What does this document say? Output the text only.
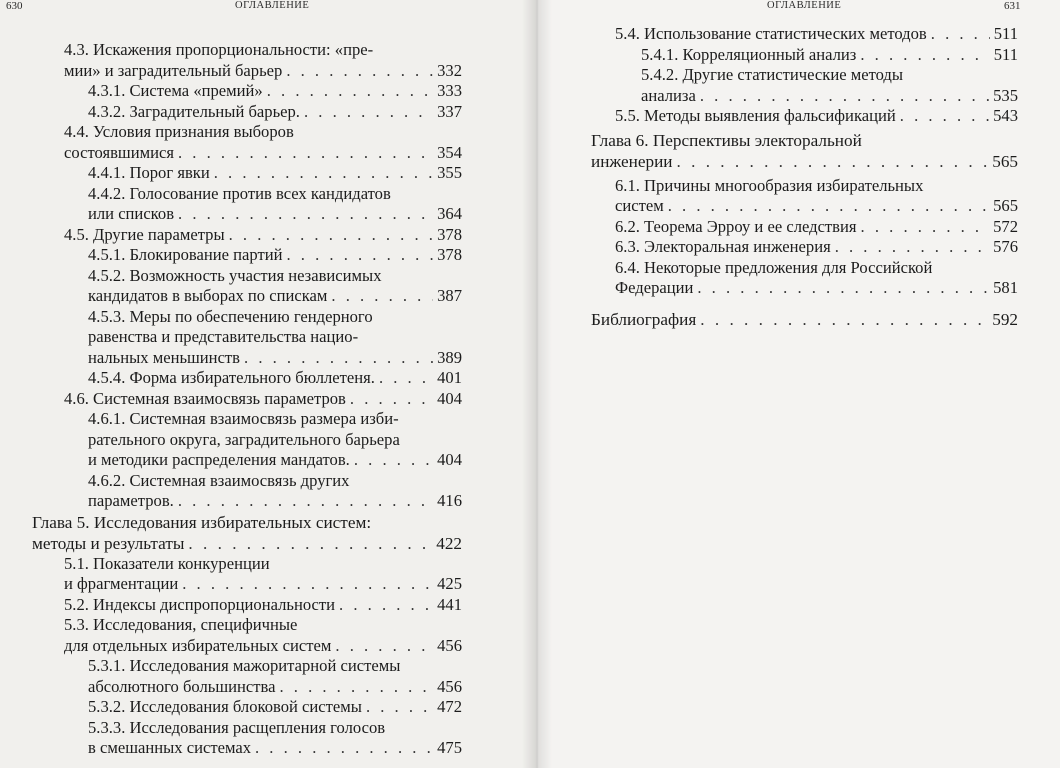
630	ОГЛАВЛЕНИЕ
4.3. Искажения пропорциональности: «пре-
мии» и заградительный барьер . . .	332
4.3.1. Система «премий» . . .	333
4.3.2. Заградительный барьер. . . .	337
4.4. Условия признания выборов
состоявшимися . . .	354
4.4.1. Порог явки . . .	355
4.4.2. Голосование против всех кандидатов
или списков . . .	364
4.5. Другие параметры . . .	378
4.5.1. Блокирование партий . . .	378
4.5.2. Возможность участия независимых
кандидатов в выборах по спискам . . .	387
4.5.3. Меры по обеспечению гендерного
равенства и представительства нацио-
нальных меньшинств . . .	389
4.5.4. Форма избирательного бюллетеня. . . .	401
4.6. Системная взаимосвязь параметров . . .	404
4.6.1. Системная взаимосвязь размера изби-
рательного округа, заградительного барьера
и методики распределения мандатов. . . .	404
4.6.2. Системная взаимосвязь других
параметров. . . .	416
Глава 5. Исследования избирательных систем:
методы и результаты . . .	422
5.1. Показатели конкуренции
и фрагментации . . .	425
5.2. Индексы диспропорциональности . . .	441
5.3. Исследования, специфичные
для отдельных избирательных систем . . .	456
5.3.1. Исследования мажоритарной системы
абсолютного большинства . . .	456
5.3.2. Исследования блоковой системы . . .	472
5.3.3. Исследования расщепления голосов
в смешанных системах . . .	475
ОГЛАВЛЕНИЕ	631
5.4. Использование статистических методов . . .	511
5.4.1. Корреляционный анализ . . .	511
5.4.2. Другие статистические методы
анализа . . .	535
5.5. Методы выявления фальсификаций . . .	543
Глава 6. Перспективы электоральной
инженерии . . .	565
6.1. Причины многообразия избирательных
систем . . .	565
6.2. Теорема Эрроу и ее следствия . . .	572
6.3. Электоральная инженерия . . .	576
6.4. Некоторые предложения для Российской
Федерации . . .	581
Библиография . . .	592
